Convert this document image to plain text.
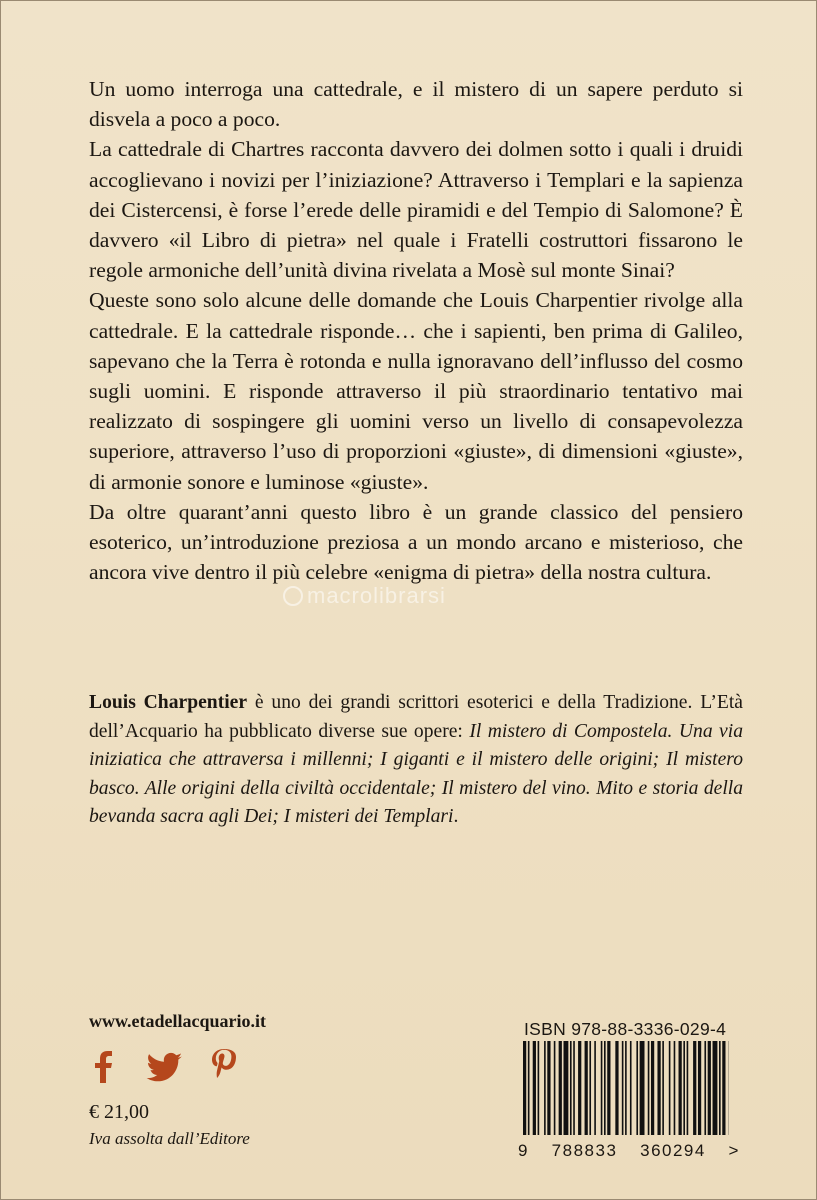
Un uomo interroga una cattedrale, e il mistero di un sapere perduto si disvela a poco a poco.

La cattedrale di Chartres racconta davvero dei dolmen sotto i quali i druidi accoglievano i novizi per l’iniziazione? Attraverso i Templari e la sapienza dei Cistercensi, è forse l’erede delle piramidi e del Tempio di Salomone? È davvero «il Libro di pietra» nel quale i Fratelli costruttori fissarono le regole armoniche dell’unità divina rivelata a Mosè sul monte Sinai?

Queste sono solo alcune delle domande che Louis Charpentier rivolge alla cattedrale. E la cattedrale risponde… che i sapienti, ben prima di Galileo, sapevano che la Terra è rotonda e nulla ignoravano dell’influsso del cosmo sugli uomini. E risponde attraverso il più straordinario tentativo mai realizzato di sospingere gli uomini verso un livello di consapevolezza superiore, attraverso l’uso di proporzioni «giuste», di dimensioni «giuste», di armonie sonore e luminose «giuste».

Da oltre quarant’anni questo libro è un grande classico del pensiero esoterico, un’introduzione preziosa a un mondo arcano e misterioso, che ancora vive dentro il più celebre «enigma di pietra» della nostra cultura.

macrolibrarsi

Louis Charpentier è uno dei grandi scrittori esoterici e della Tradizione. L’Età dell’Acquario ha pubblicato diverse sue opere: Il mistero di Compostela. Una via iniziatica che attraversa i millenni; I giganti e il mistero delle origini; Il mistero basco. Alle origini della civiltà occidentale; Il mistero del vino. Mito e storia della bevanda sacra agli Dei; I misteri dei Templari.

www.etadellacquario.it
€ 21,00
Iva assolta dall’Editore
ISBN 978-88-3336-029-4
9 788833 360294 >
